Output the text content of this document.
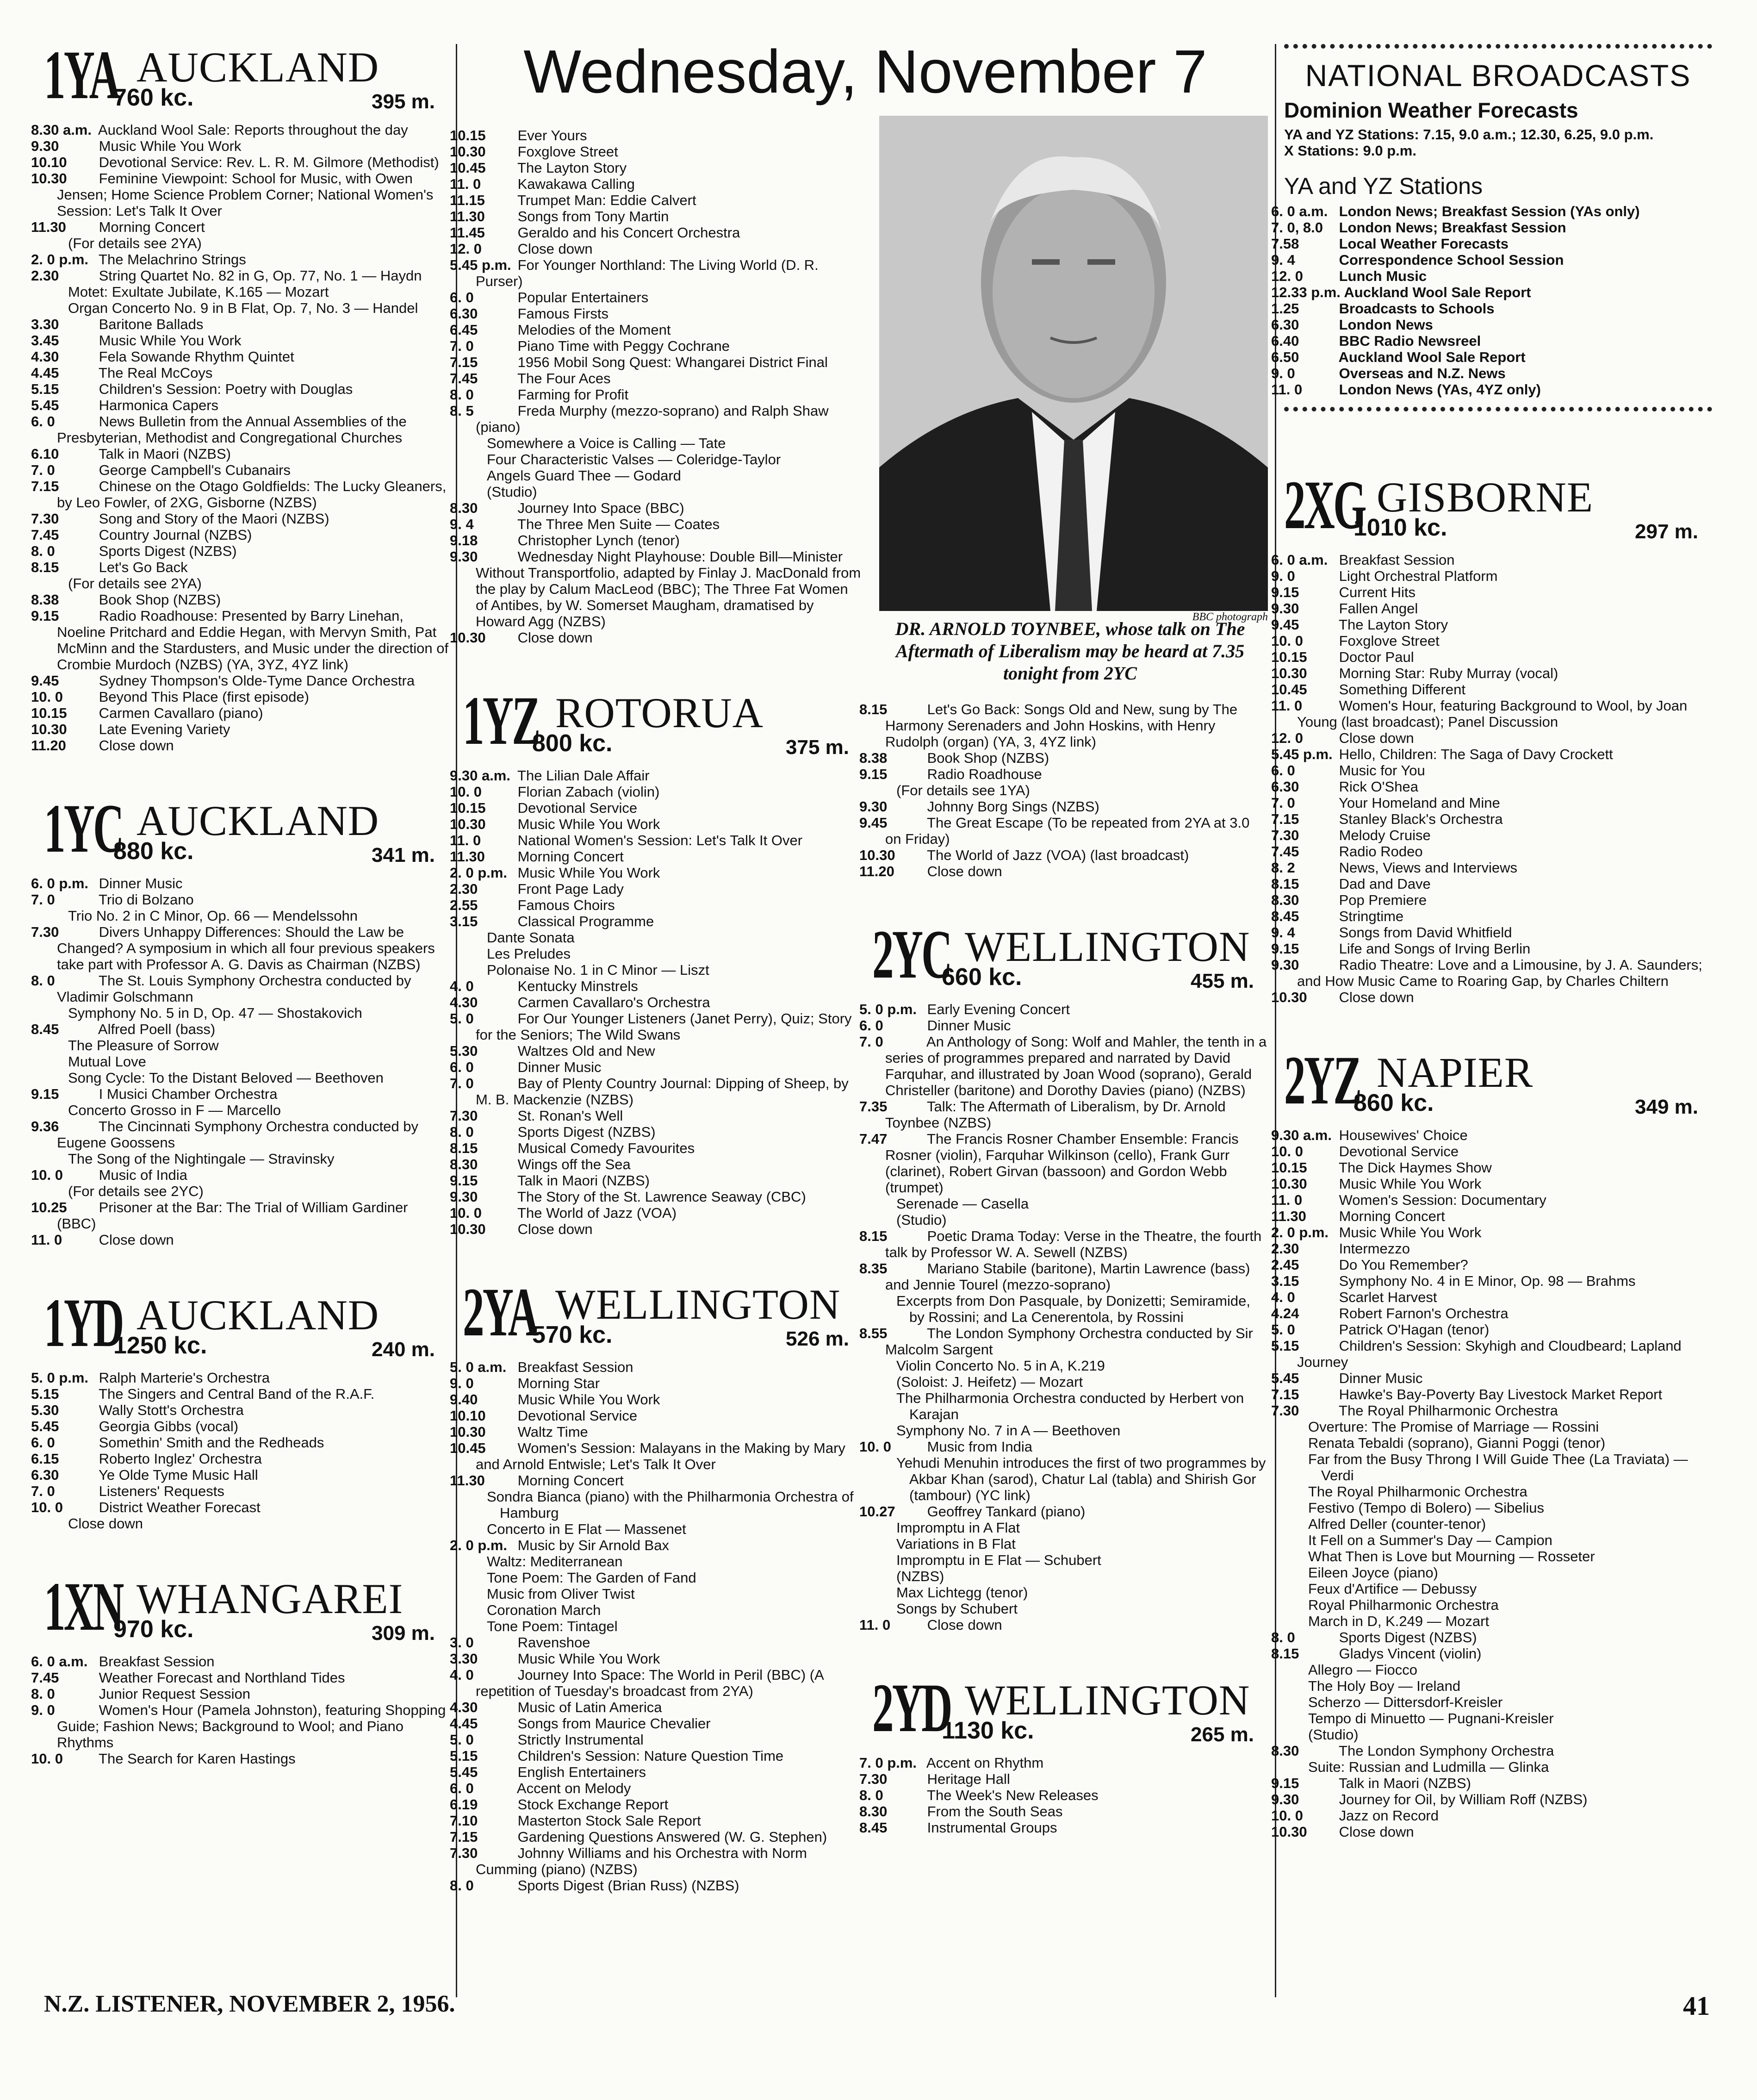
1YA AUCKLAND
760 kc.	395 m.
8.30 a.m. Auckland Wool Sale: Reports throughout the day
9.30	Music While You Work
10.10 Devotional Service: Rev. L. R. M. Gilmore (Methodist)
10.30 Feminine Viewpoint: School for Music, with Owen Jensen; Home Science Problem Corner; National Women's Session: Let's Talk It Over
11.30 Morning Concert
(For details see 2YA)
2. 0 p.m. The Melachrino Strings
2.30	String Quartet No. 82 in G, Op. 77, No. 1 — Haydn
Motet: Exultate Jubilate, K.165 — Mozart
Organ Concerto No. 9 in B Flat, Op. 7, No. 3 — Handel
3.30	Baritone Ballads
3.45	Music While You Work
4.30	Fela Sowande Rhythm Quintet
4.45	The Real McCoys
5.15	Children's Session: Poetry with Douglas
5.45	Harmonica Capers
6. 0	News Bulletin from the Annual Assemblies of the Presbyterian, Methodist and Congregational Churches
6.10	Talk in Maori (NZBS)
7. 0	George Campbell's Cubanairs
7.15	Chinese on the Otago Goldfields: The Lucky Gleaners, by Leo Fowler, of 2XG, Gisborne (NZBS)
7.30	Song and Story of the Maori (NZBS)
7.45	Country Journal (NZBS)
8. 0	Sports Digest (NZBS)
8.15	Let's Go Back
(For details see 2YA)
8.38	Book Shop (NZBS)
9.15	Radio Roadhouse: Presented by Barry Linehan, Noeline Pritchard and Eddie Hegan, with Mervyn Smith, Pat McMinn and the Stardusters, and Music under the direction of Crombie Murdoch (NZBS) (YA, 3YZ, 4YZ link)
9.45	Sydney Thompson's Olde-Tyme Dance Orchestra
10. 0 Beyond This Place (first episode)
10.15 Carmen Cavallaro (piano)
10.30 Late Evening Variety
11.20 Close down
1YC AUCKLAND
880 kc.	341 m.
6. 0 p.m. Dinner Music
7. 0	Trio di Bolzano
Trio No. 2 in C Minor, Op. 66 — Mendelssohn
7.30	Divers Unhappy Differences: Should the Law be Changed? A symposium in which all four previous speakers take part with Professor A. G. Davis as Chairman (NZBS)
8. 0	The St. Louis Symphony Orchestra conducted by Vladimir Golschmann
Symphony No. 5 in D, Op. 47 — Shostakovich
8.45	Alfred Poell (bass)
The Pleasure of Sorrow
Mutual Love
Song Cycle: To the Distant Beloved — Beethoven
9.15	I Musici Chamber Orchestra
Concerto Grosso in F — Marcello
9.36	The Cincinnati Symphony Orchestra conducted by Eugene Goossens
The Song of the Nightingale — Stravinsky
10. 0 Music of India
(For details see 2YC)
10.25 Prisoner at the Bar: The Trial of William Gardiner (BBC)
11. 0 Close down
1YD AUCKLAND
1250 kc.	240 m.
5. 0 p.m. Ralph Marterie's Orchestra
5.15	The Singers and Central Band of the R.A.F.
5.30	Wally Stott's Orchestra
5.45	Georgia Gibbs (vocal)
6. 0	Somethin' Smith and the Redheads
6.15	Roberto Inglez' Orchestra
6.30	Ye Olde Tyme Music Hall
7. 0	Listeners' Requests
10. 0 District Weather Forecast
Close down
1XN WHANGAREI
970 kc.	309 m.
6. 0 a.m. Breakfast Session
7.45	Weather Forecast and Northland Tides
8. 0	Junior Request Session
9. 0	Women's Hour (Pamela Johnston), featuring Shopping Guide; Fashion News; Background to Wool; and Piano Rhythms
10. 0 The Search for Karen Hastings
Wednesday, November 7
10.15 Ever Yours
10.30 Foxglove Street
10.45 The Layton Story
11. 0 Kawakawa Calling
11.15 Trumpet Man: Eddie Calvert
11.30 Songs from Tony Martin
11.45 Geraldo and his Concert Orchestra
12. 0 Close down
5.45 p.m. For Younger Northland: The Living World (D. R. Purser)
6. 0	Popular Entertainers
6.30	Famous Firsts
6.45	Melodies of the Moment
7. 0	Piano Time with Peggy Cochrane
7.15	1956 Mobil Song Quest: Whangarei District Final
7.45	The Four Aces
8. 0	Farming for Profit
8. 5	Freda Murphy (mezzo-soprano) and Ralph Shaw (piano)
Somewhere a Voice is Calling — Tate
Four Characteristic Valses — Coleridge-Taylor
Angels Guard Thee — Godard
(Studio)
8.30	Journey Into Space (BBC)
9. 4	The Three Men Suite — Coates
9.18	Christopher Lynch (tenor)
9.30	Wednesday Night Playhouse: Double Bill—Minister Without Transportfolio, adapted by Finlay J. MacDonald from the play by Calum MacLeod (BBC); The Three Fat Women of Antibes, by W. Somerset Maugham, dramatised by Howard Agg (NZBS)
10.30 Close down
1YZ ROTORUA
800 kc.	375 m.
9.30 a.m. The Lilian Dale Affair
10. 0 Florian Zabach (violin)
10.15 Devotional Service
10.30 Music While You Work
11. 0 National Women's Session: Let's Talk It Over
11.30 Morning Concert
2. 0 p.m. Music While You Work
2.30	Front Page Lady
2.55	Famous Choirs
3.15	Classical Programme
Dante Sonata
Les Preludes
Polonaise No. 1 in C Minor — Liszt
4. 0	Kentucky Minstrels
4.30	Carmen Cavallaro's Orchestra
5. 0	For Our Younger Listeners (Janet Perry), Quiz; Story for the Seniors; The Wild Swans
5.30	Waltzes Old and New
6. 0	Dinner Music
7. 0	Bay of Plenty Country Journal: Dipping of Sheep, by M. B. Mackenzie (NZBS)
7.30	St. Ronan's Well
8. 0	Sports Digest (NZBS)
8.15	Musical Comedy Favourites
8.30	Wings off the Sea
9.15	Talk in Maori (NZBS)
9.30	The Story of the St. Lawrence Seaway (CBC)
10. 0 The World of Jazz (VOA)
10.30 Close down
2YA WELLINGTON
570 kc.	526 m.
5. 0 a.m. Breakfast Session
9. 0	Morning Star
9.40	Music While You Work
10.10 Devotional Service
10.30 Waltz Time
10.45 Women's Session: Malayans in the Making by Mary and Arnold Entwisle; Let's Talk It Over
11.30 Morning Concert
Sondra Bianca (piano) with the Philharmonia Orchestra of Hamburg
Concerto in E Flat — Massenet
2. 0 p.m. Music by Sir Arnold Bax
Waltz: Mediterranean
Tone Poem: The Garden of Fand
Music from Oliver Twist
Coronation March
Tone Poem: Tintagel
3. 0	Ravenshoe
3.30	Music While You Work
4. 0	Journey Into Space: The World in Peril (BBC) (A repetition of Tuesday's broadcast from 2YA)
4.30	Music of Latin America
4.45	Songs from Maurice Chevalier
5. 0	Strictly Instrumental
5.15	Children's Session: Nature Question Time
5.45	English Entertainers
6. 0	Accent on Melody
6.19	Stock Exchange Report
7.10	Masterton Stock Sale Report
7.15	Gardening Questions Answered (W. G. Stephen)
7.30	Johnny Williams and his Orchestra with Norm Cumming (piano) (NZBS)
8. 0	Sports Digest (Brian Russ) (NZBS)
BBC photograph
DR. ARNOLD TOYNBEE, whose talk on The Aftermath of Liberalism may be heard at 7.35 tonight from 2YC
8.15	Let's Go Back: Songs Old and New, sung by The Harmony Serenaders and John Hoskins, with Henry Rudolph (organ) (YA, 3, 4YZ link)
8.38	Book Shop (NZBS)
9.15	Radio Roadhouse
(For details see 1YA)
9.30	Johnny Borg Sings (NZBS)
9.45	The Great Escape (To be repeated from 2YA at 3.0 on Friday)
10.30 The World of Jazz (VOA) (last broadcast)
11.20 Close down
2YC WELLINGTON
660 kc.	455 m.
5. 0 p.m. Early Evening Concert
6. 0	Dinner Music
7. 0	An Anthology of Song: Wolf and Mahler, the tenth in a series of programmes prepared and narrated by David Farquhar, and illustrated by Joan Wood (soprano), Gerald Christeller (baritone) and Dorothy Davies (piano) (NZBS)
7.35	Talk: The Aftermath of Liberalism, by Dr. Arnold Toynbee (NZBS)
7.47	The Francis Rosner Chamber Ensemble: Francis Rosner (violin), Farquhar Wilkinson (cello), Frank Gurr (clarinet), Robert Girvan (bassoon) and Gordon Webb (trumpet)
Serenade — Casella
(Studio)
8.15	Poetic Drama Today: Verse in the Theatre, the fourth talk by Professor W. A. Sewell (NZBS)
8.35	Mariano Stabile (baritone), Martin Lawrence (bass) and Jennie Tourel (mezzo-soprano)
Excerpts from Don Pasquale, by Donizetti; Semiramide, by Rossini; and La Cenerentola, by Rossini
8.55	The London Symphony Orchestra conducted by Sir Malcolm Sargent
Violin Concerto No. 5 in A, K.219
(Soloist: J. Heifetz) — Mozart
The Philharmonia Orchestra conducted by Herbert von Karajan
Symphony No. 7 in A — Beethoven
10. 0 Music from India
Yehudi Menuhin introduces the first of two programmes by Akbar Khan (sarod), Chatur Lal (tabla) and Shirish Gor (tambour) (YC link)
10.27 Geoffrey Tankard (piano)
Impromptu in A Flat
Variations in B Flat
Impromptu in E Flat — Schubert
(NZBS)
Max Lichtegg (tenor)
Songs by Schubert
11. 0 Close down
2YD WELLINGTON
1130 kc.	265 m.
7. 0 p.m. Accent on Rhythm
7.30	Heritage Hall
8. 0	The Week's New Releases
8.30	From the South Seas
8.45	Instrumental Groups
NATIONAL BROADCASTS
Dominion Weather Forecasts
YA and YZ Stations: 7.15, 9.0 a.m.; 12.30, 6.25, 9.0 p.m.
X Stations: 9.0 p.m.
YA and YZ Stations
6. 0 a.m. London News; Breakfast Session (YAs only)
7. 0, 8.0 London News; Breakfast Session
7.58	Local Weather Forecasts
9. 4	Correspondence School Session
12. 0 Lunch Music
12.33 p.m. Auckland Wool Sale Report
1.25	Broadcasts to Schools
6.30	London News
6.40	BBC Radio Newsreel
6.50	Auckland Wool Sale Report
9. 0	Overseas and N.Z. News
11. 0 London News (YAs, 4YZ only)
2XG GISBORNE
1010 kc.	297 m.
6. 0 a.m. Breakfast Session
9. 0	Light Orchestral Platform
9.15	Current Hits
9.30	Fallen Angel
9.45	The Layton Story
10. 0 Foxglove Street
10.15 Doctor Paul
10.30 Morning Star: Ruby Murray (vocal)
10.45 Something Different
11. 0 Women's Hour, featuring Background to Wool, by Joan Young (last broadcast); Panel Discussion
12. 0 Close down
5.45 p.m. Hello, Children: The Saga of Davy Crockett
6. 0	Music for You
6.30	Rick O'Shea
7. 0	Your Homeland and Mine
7.15	Stanley Black's Orchestra
7.30	Melody Cruise
7.45	Radio Rodeo
8. 2	News, Views and Interviews
8.15	Dad and Dave
8.30	Pop Premiere
8.45	Stringtime
9. 4	Songs from David Whitfield
9.15	Life and Songs of Irving Berlin
9.30	Radio Theatre: Love and a Limousine, by J. A. Saunders; and How Music Came to Roaring Gap, by Charles Chiltern
10.30 Close down
2YZ NAPIER
860 kc.	349 m.
9.30 a.m. Housewives' Choice
10. 0 Devotional Service
10.15 The Dick Haymes Show
10.30 Music While You Work
11. 0 Women's Session: Documentary
11.30 Morning Concert
2. 0 p.m. Music While You Work
2.30	Intermezzo
2.45	Do You Remember?
3.15	Symphony No. 4 in E Minor, Op. 98 — Brahms
4. 0	Scarlet Harvest
4.24	Robert Farnon's Orchestra
5. 0	Patrick O'Hagan (tenor)
5.15	Children's Session: Skyhigh and Cloudbeard; Lapland Journey
5.45	Dinner Music
7.15	Hawke's Bay-Poverty Bay Livestock Market Report
7.30	The Royal Philharmonic Orchestra
Overture: The Promise of Marriage — Rossini
Renata Tebaldi (soprano), Gianni Poggi (tenor)
Far from the Busy Throng I Will Guide Thee (La Traviata) — Verdi
The Royal Philharmonic Orchestra
Festivo (Tempo di Bolero) — Sibelius
Alfred Deller (counter-tenor)
It Fell on a Summer's Day — Campion
What Then is Love but Mourning — Rosseter
Eileen Joyce (piano)
Feux d'Artifice — Debussy
Royal Philharmonic Orchestra
March in D, K.249 — Mozart
8. 0	Sports Digest (NZBS)
8.15	Gladys Vincent (violin)
Allegro — Fiocco
The Holy Boy — Ireland
Scherzo — Dittersdorf-Kreisler
Tempo di Minuetto — Pugnani-Kreisler
(Studio)
8.30	The London Symphony Orchestra
Suite: Russian and Ludmilla — Glinka
9.15	Talk in Maori (NZBS)
9.30	Journey for Oil, by William Roff (NZBS)
10. 0 Jazz on Record
10.30 Close down
N.Z. LISTENER, NOVEMBER 2, 1956.	41
